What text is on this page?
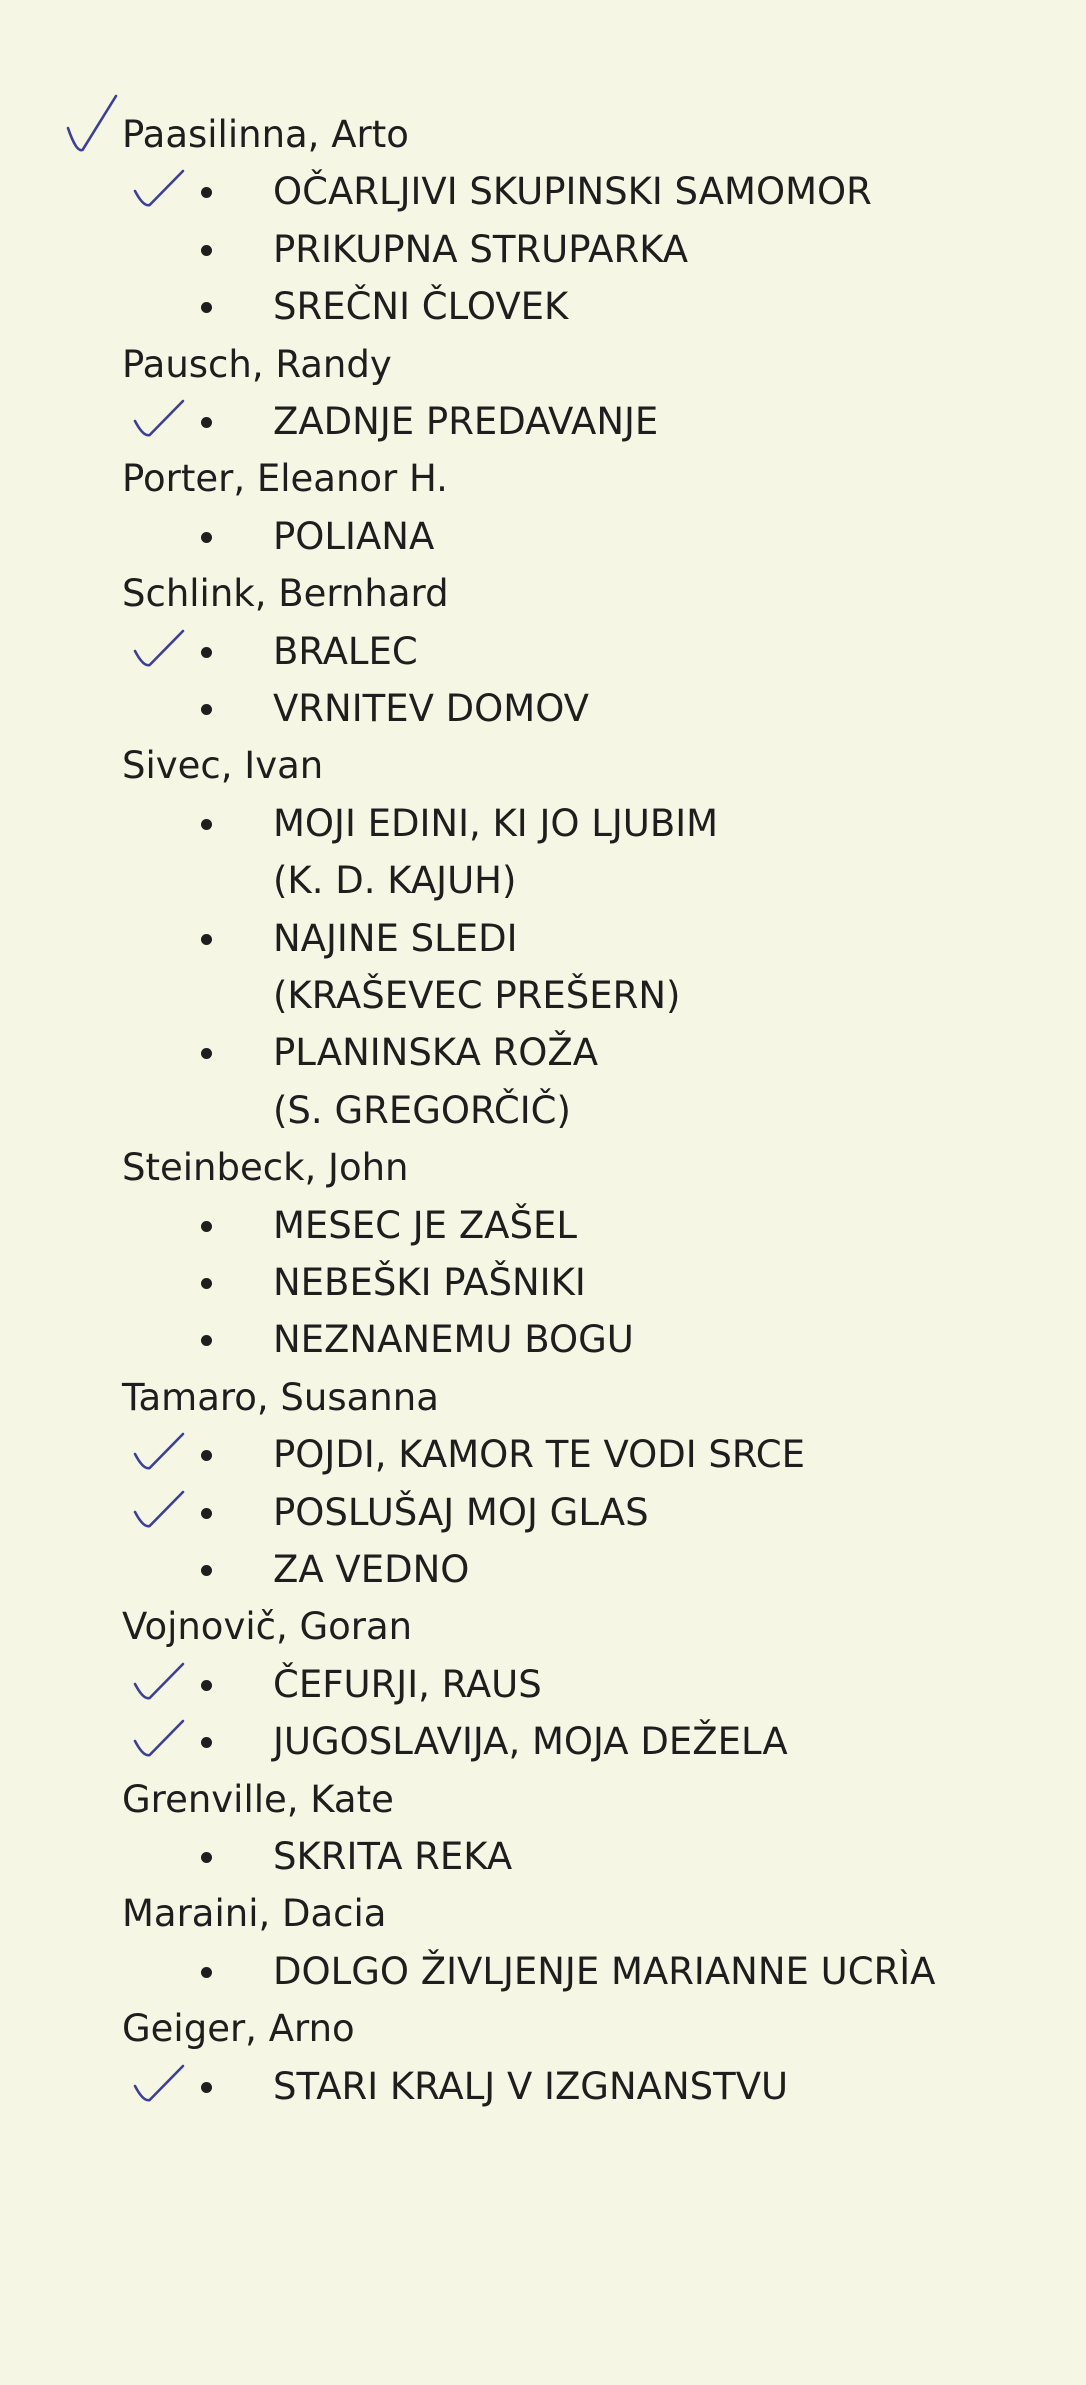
Paasilinna, Arto
OČARLJIVI SKUPINSKI SAMOMOR
PRIKUPNA STRUPARKA
SREČNI ČLOVEK
Pausch, Randy
ZADNJE PREDAVANJE
Porter, Eleanor H.
POLIANA
Schlink, Bernhard
BRALEC
VRNITEV DOMOV
Sivec, Ivan
MOJI EDINI, KI JO LJUBIM
(K. D. KAJUH)
NAJINE SLEDI
(KRAŠEVEC PREŠERN)
PLANINSKA ROŽA
(S. GREGORČIČ)
Steinbeck, John
MESEC JE ZAŠEL
NEBEŠKI PAŠNIKI
NEZNANEMU BOGU
Tamaro, Susanna
POJDI, KAMOR TE VODI SRCE
POSLUŠAJ MOJ GLAS
ZA VEDNO
Vojnovič, Goran
ČEFURJI, RAUS
JUGOSLAVIJA, MOJA DEŽELA
Grenville, Kate
SKRITA REKA
Maraini, Dacia
DOLGO ŽIVLJENJE MARIANNE UCRÌA
Geiger, Arno
STARI KRALJ V IZGNANSTVU
